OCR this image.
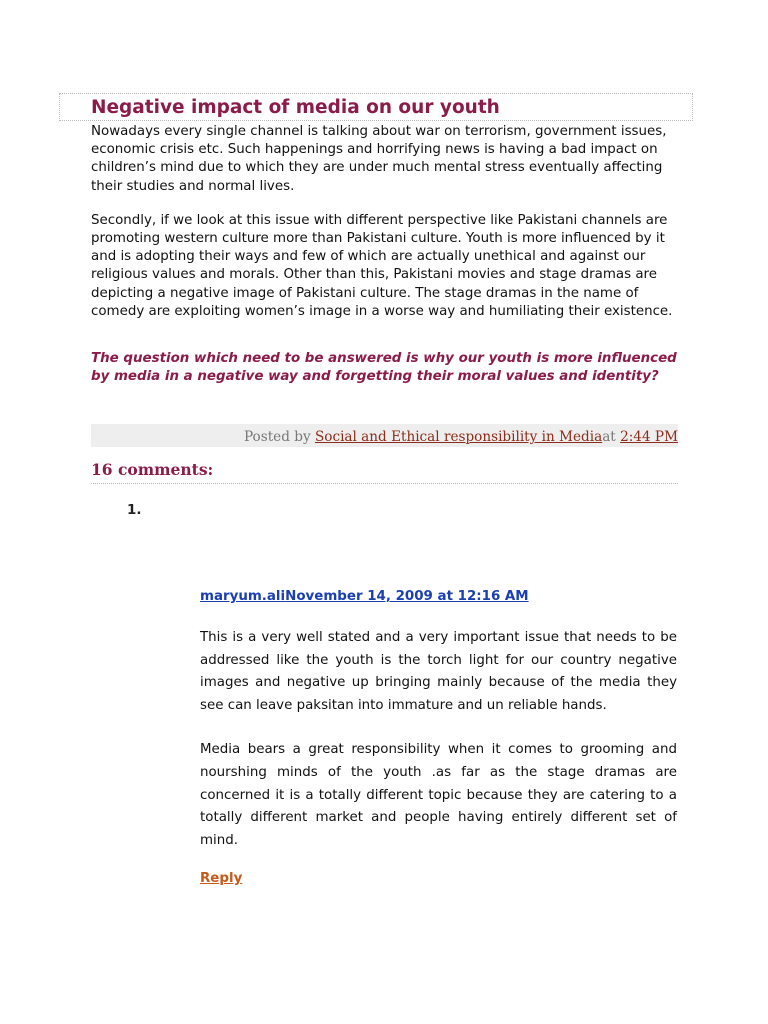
Negative impact of media on our youth

Nowadays every single channel is talking about war on terrorism, government issues, economic crisis etc. Such happenings and horrifying news is having a bad impact on children’s mind due to which they are under much mental stress eventually affecting their studies and normal lives.

Secondly, if we look at this issue with different perspective like Pakistani channels are promoting western culture more than Pakistani culture. Youth is more influenced by it and is adopting their ways and few of which are actually unethical and against our religious values and morals. Other than this, Pakistani movies and stage dramas are depicting a negative image of Pakistani culture. The stage dramas in the name of comedy are exploiting women’s image in a worse way and humiliating their existence.

The question which need to be answered is why our youth is more influenced by media in a negative way and forgetting their moral values and identity?

Posted by Social and Ethical responsibility in Mediaat 2:44 PM
16 comments:
1.
maryum.aliNovember 14, 2009 at 12:16 AM

This is a very well stated and a very important issue that needs to be addressed like the youth is the torch light for our country negative images and negative up bringing mainly because of the media they see can leave paksitan into immature and un reliable hands.

Media bears a great responsibility when it comes to grooming and nourshing minds of the youth .as far as the stage dramas are concerned it is a totally different topic because they are catering to a totally different market and people having entirely different set of mind.

Reply
